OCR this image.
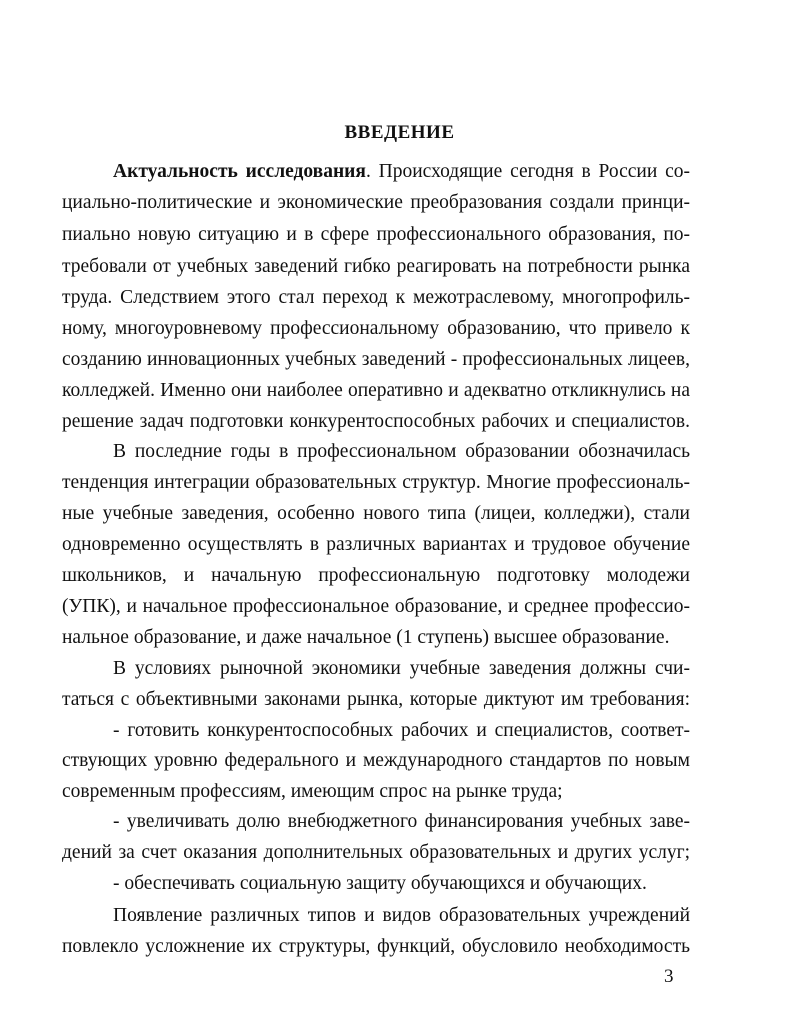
ВВЕДЕНИЕ
Актуальность исследования. Происходящие сегодня в России со-
циально-политические и экономические преобразования создали принци-
пиально новую ситуацию и в сфере профессионального образования, по-
требовали от учебных заведений гибко реагировать на потребности рынка
труда. Следствием этого стал переход к межотраслевому, многопрофиль-
ному, многоуровневому профессиональному образованию, что привело к
созданию инновационных учебных заведений - профессиональных лицеев,
колледжей. Именно они наиболее оперативно и адекватно откликнулись на
решение задач подготовки конкурентоспособных рабочих и специалистов.
В последние годы в профессиональном образовании обозначилась
тенденция интеграции образовательных структур. Многие профессиональ-
ные учебные заведения, особенно нового типа (лицеи, колледжи), стали
одновременно осуществлять в различных вариантах и трудовое обучение
школьников, и начальную профессиональную подготовку молодежи
(УПК), и начальное профессиональное образование, и среднее профессио-
нальное образование, и даже начальное (1 ступень) высшее образование.
В условиях рыночной экономики учебные заведения должны счи-
таться с объективными законами рынка, которые диктуют им требования:
- готовить конкурентоспособных рабочих и специалистов, соответ-
ствующих уровню федерального и международного стандартов по новым
современным профессиям, имеющим спрос на рынке труда;
- увеличивать долю внебюджетного финансирования учебных заве-
дений за счет оказания дополнительных образовательных и других услуг;
- обеспечивать социальную защиту обучающихся и обучающих.
Появление различных типов и видов образовательных учреждений
повлекло усложнение их структуры, функций, обусловило необходимость
3
